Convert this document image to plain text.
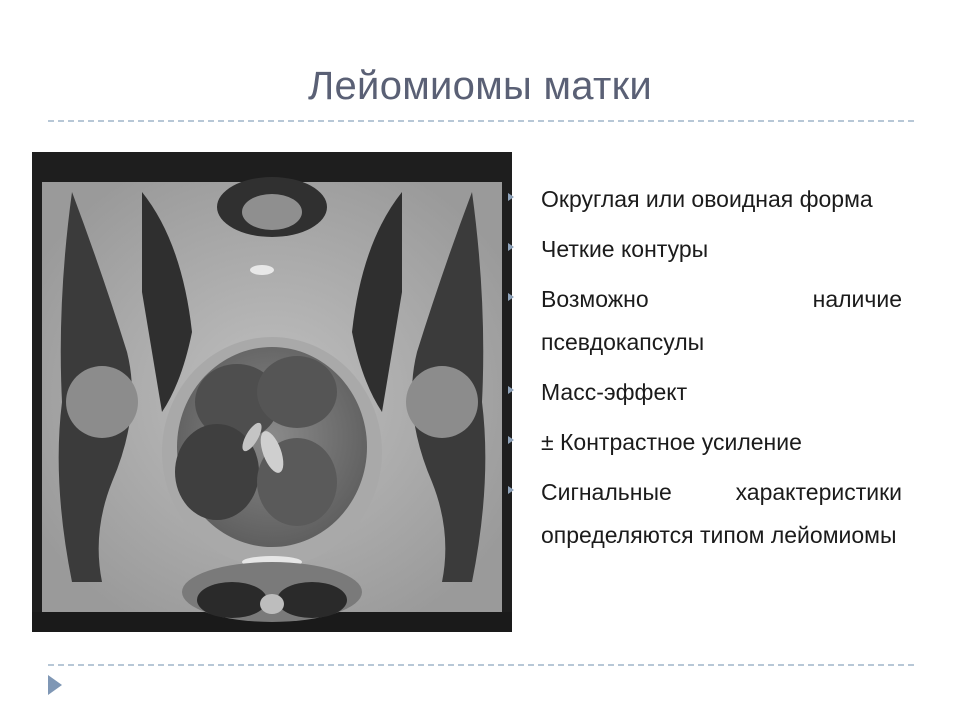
Лейомиомы матки
Округлая или овоидная форма
Четкие контуры
Возможно наличие псевдокапсулы
Масс-эффект
± Контрастное усиление
Сигнальные характеристики определяются типом лейомиомы
